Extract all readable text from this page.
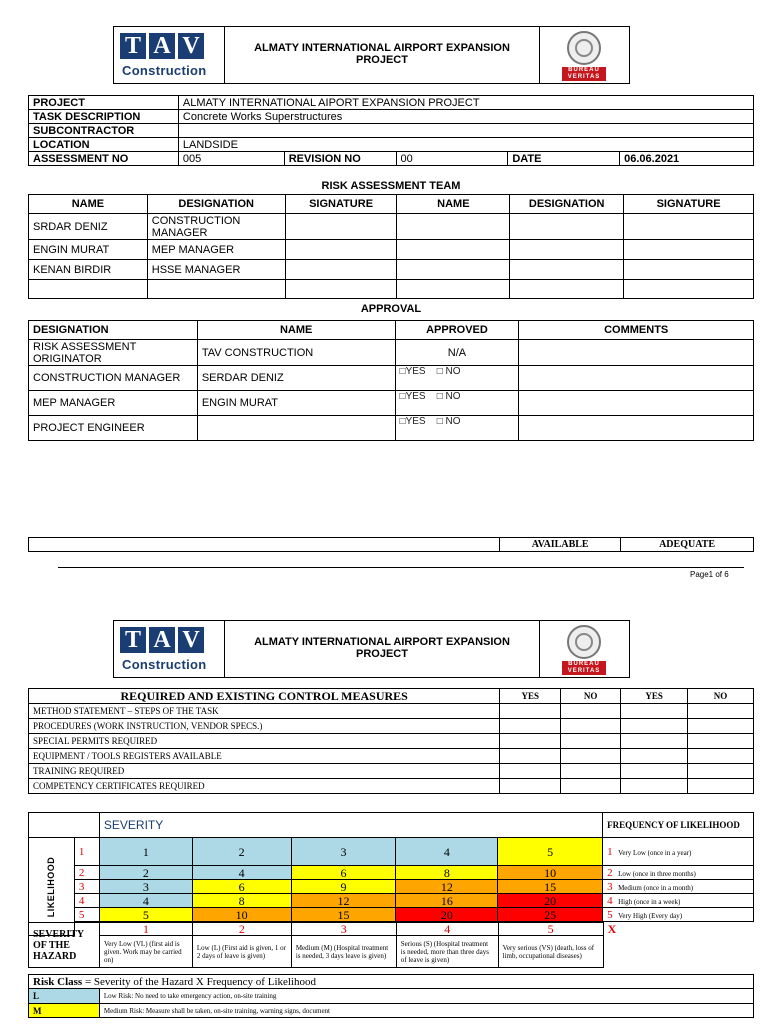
T A V
Construction
ALMATY INTERNATIONAL AIRPORT EXPANSION
PROJECT
BUREAU VERITAS
PROJECT	ALMATY INTERNATIONAL AIPORT EXPANSION PROJECT				
TASK DESCRIPTION	Concrete Works Superstructures				
SUBCONTRACTOR					
LOCATION	LANDSIDE				
ASSESSMENT NO	005	REVISION NO	00	DATE	06.06.2021
RISK ASSESSMENT TEAM
NAME	DESIGNATION	SIGNATURE	NAME	DESIGNATION	SIGNATURE
SRDAR DENIZ	CONSTRUCTION MANAGER				
ENGIN MURAT	MEP MANAGER				
KENAN BIRDIR	HSSE MANAGER				

APPROVAL
DESIGNATION	NAME	APPROVED	COMMENTS
RISK ASSESSMENT ORIGINATOR	TAV CONSTRUCTION	N/A	
CONSTRUCTION MANAGER	SERDAR DENIZ	□YES    □ NO	
MEP MANAGER	ENGIN MURAT	□YES    □ NO	
PROJECT ENGINEER		□YES    □ NO	
	AVAILABLE	ADEQUATE
Page1 of 6
T A V
Construction
ALMATY INTERNATIONAL AIRPORT EXPANSION
PROJECT
BUREAU VERITAS
REQUIRED AND EXISTING CONTROL MEASURES	YES	NO	YES	NO
METHOD STATEMENT – STEPS OF THE TASK				
PROCEDURES (WORK INSTRUCTION, VENDOR SPECS.)				
SPECIAL PERMITS REQUIRED				
EQUIPMENT / TOOLS REGISTERS AVAILABLE				
TRAINING REQUIRED				
COMPETENCY CERTIFICATES REQUIRED				
		SEVERITY					FREQUENCY OF LIKELIHOOD

LIKELIHOOD	1	1	2	3	4	5	1 Very Low (once in a year)
	2	2	4	6	8	10	2 Low (once in three months)
	3	3	6	9	12	15	3 Medium (once in a month)
	4	4	8	12	16	20	4 High (once in a week)
	5	5	10	15	20	25	5 Very High (Every day)

SEVERITY OF THE HAZARD	1	2	3	4	5	X
	Very Low (VL) (first aid is given. Work may be carried on)	Low (L) (First aid is given, 1 or 2 days of leave is given)	Medium (M) (Hospital treatment is needed, 3 days leave is given)	Serious (S) (Hospital treatment is needed, more than three days of leave is given)	Very serious (VS) (death, loss of limb, occupational diseases)	
Risk Class = Severity of the Hazard X Frequency of Likelihood	
L	Low Risk: No need to take emergency action, on-site training
M	Medium Risk: Measure shall be taken, on-site training, warning signs, document
